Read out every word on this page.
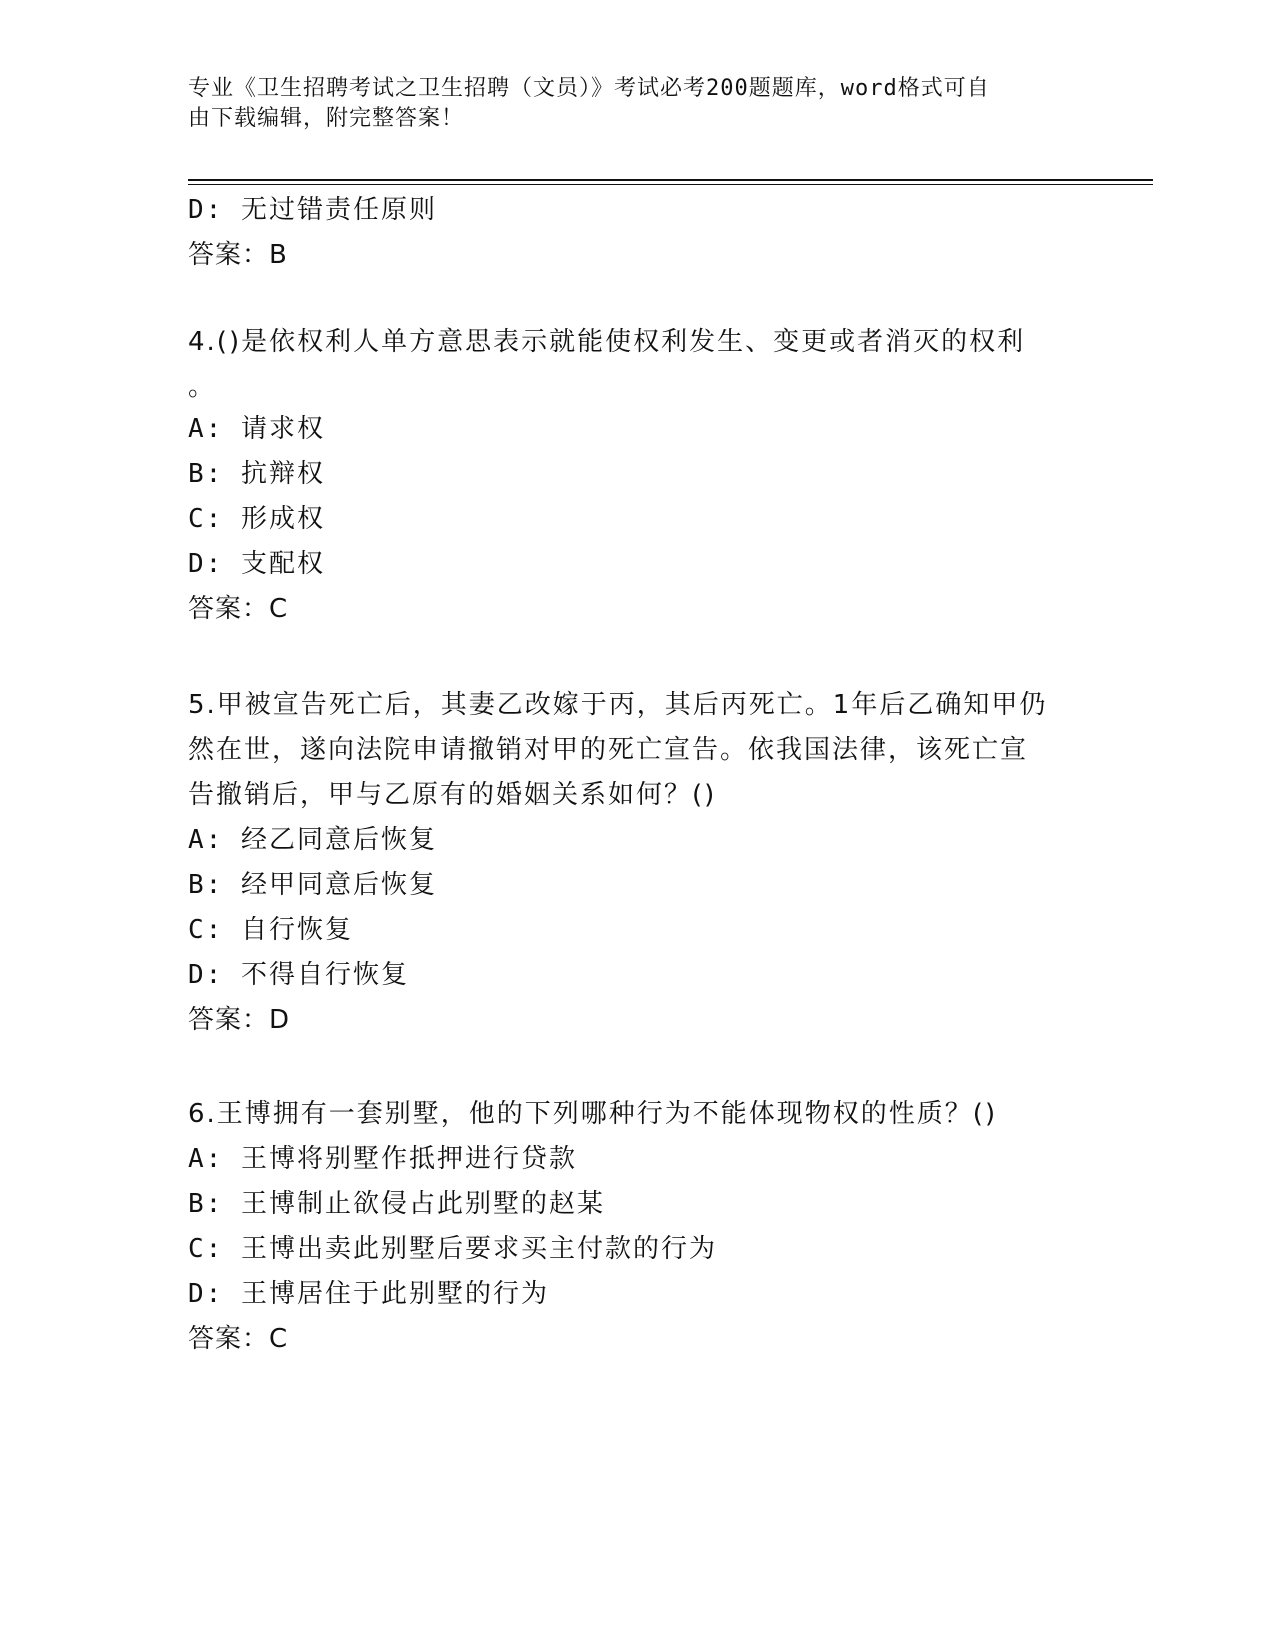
专业《卫生招聘考试之卫生招聘（文员）》考试必考200题题库，word格式可自
由下载编辑，附完整答案！
D: 无过错责任原则
答案：B
4.()是依权利人单方意思表示就能使权利发生、变更或者消灭的权利
。
A: 请求权
B: 抗辩权
C: 形成权
D: 支配权
答案：C
5.甲被宣告死亡后，其妻乙改嫁于丙，其后丙死亡。1年后乙确知甲仍
然在世，遂向法院申请撤销对甲的死亡宣告。依我国法律，该死亡宣
告撤销后，甲与乙原有的婚姻关系如何？()
A: 经乙同意后恢复
B: 经甲同意后恢复
C: 自行恢复
D: 不得自行恢复
答案：D
6.王博拥有一套别墅，他的下列哪种行为不能体现物权的性质？()
A: 王博将别墅作抵押进行贷款
B: 王博制止欲侵占此别墅的赵某
C: 王博出卖此别墅后要求买主付款的行为
D: 王博居住于此别墅的行为
答案：C
